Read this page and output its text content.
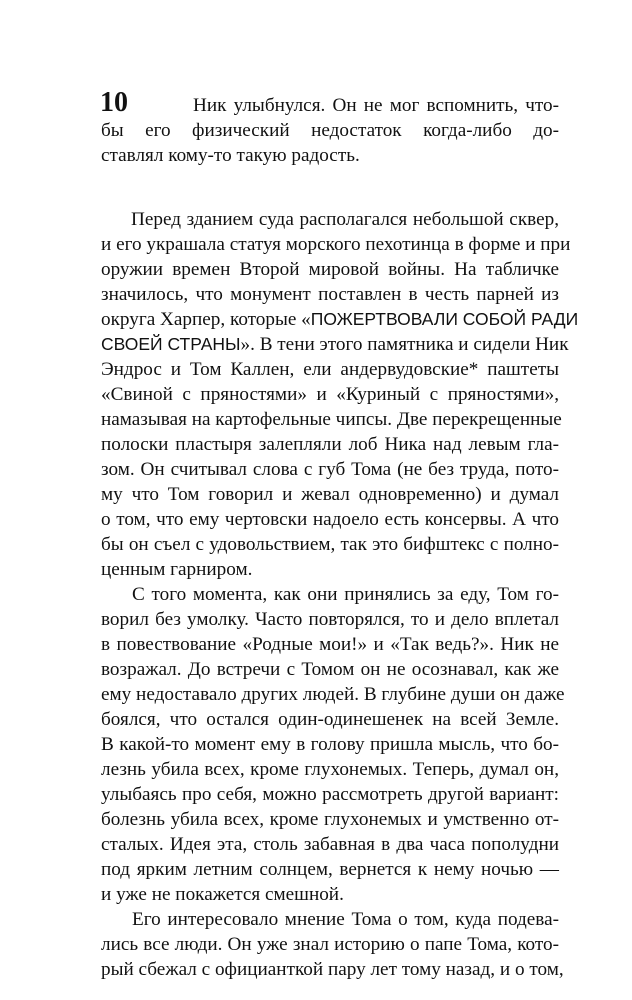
10	Ник улыбнулся. Он не мог вспомнить, что-
бы его физический недостаток когда-либо до-
ставлял кому-то такую радость.
Перед зданием суда располагался небольшой сквер,
и его украшала статуя морского пехотинца в форме и при
оружии времен Второй мировой войны. На табличке
значилось, что монумент поставлен в честь парней из
округа Харпер, которые «ПОЖЕРТВОВАЛИ СОБОЙ РАДИ
СВОЕЙ СТРАНЫ». В тени этого памятника и сидели Ник
Эндрос и Том Каллен, ели андервудовские* паштеты
«Свиной с пряностями» и «Куриный с пряностями»,
намазывая на картофельные чипсы. Две перекрещенные
полоски пластыря залепляли лоб Ника над левым гла-
зом. Он считывал слова с губ Тома (не без труда, пото-
му что Том говорил и жевал одновременно) и думал
о том, что ему чертовски надоело есть консервы. А что
бы он съел с удовольствием, так это бифштекс с полно-
ценным гарниром.
С того момента, как они принялись за еду, Том го-
ворил без умолку. Часто повторялся, то и дело вплетал
в повествование «Родные мои!» и «Так ведь?». Ник не
возражал. До встречи с Томом он не осознавал, как же
ему недоставало других людей. В глубине души он даже
боялся, что остался один-одинешенек на всей Земле.
В какой-то момент ему в голову пришла мысль, что бо-
лезнь убила всех, кроме глухонемых. Теперь, думал он,
улыбаясь про себя, можно рассмотреть другой вариант:
болезнь убила всех, кроме глухонемых и умственно от-
сталых. Идея эта, столь забавная в два часа пополудни
под ярким летним солнцем, вернется к нему ночью —
и уже не покажется смешной.
Его интересовало мнение Тома о том, куда подева-
лись все люди. Он уже знал историю о папе Тома, кото-
рый сбежал с официанткой пару лет тому назад, и о том,
